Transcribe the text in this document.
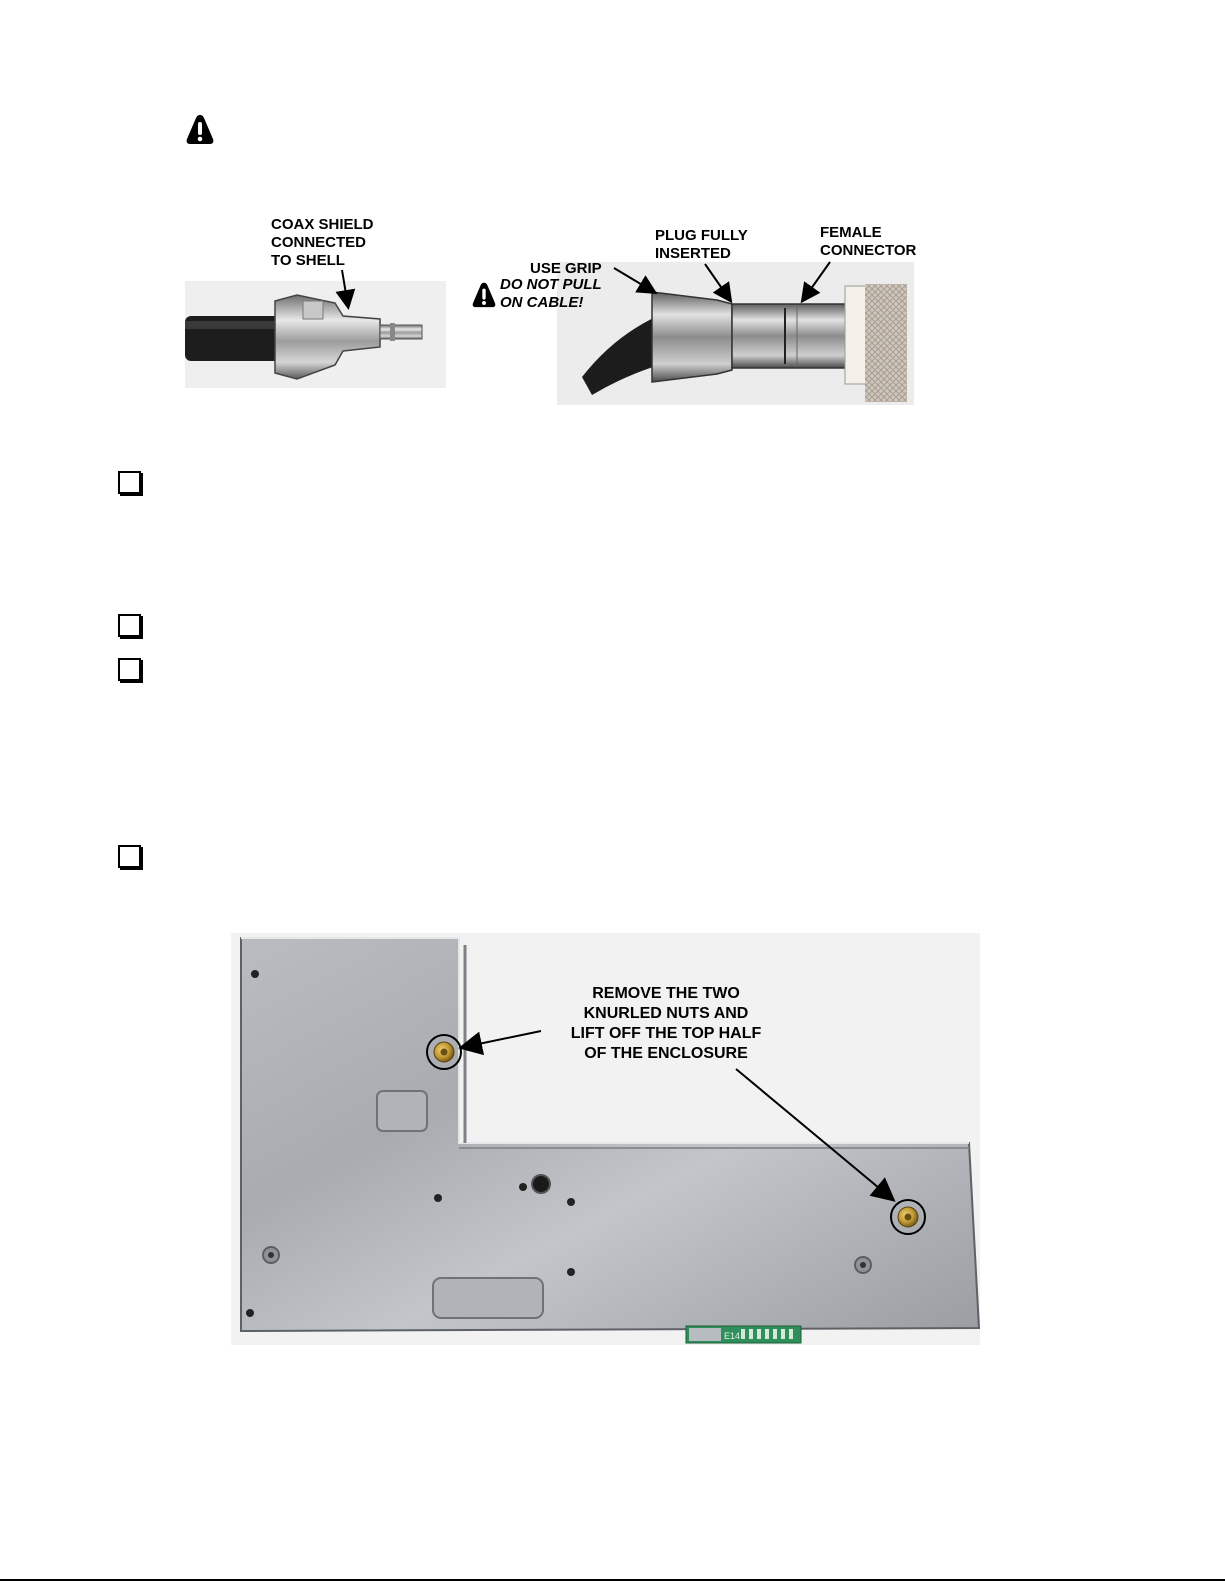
COAX SHIELD
CONNECTED
TO SHELL	USE GRIP
DO NOT PULL
ON CABLE!
PLUG FULLY
INSERTED
FEMALE
CONNECTOR
E14
REMOVE THE TWO
KNURLED NUTS AND
LIFT OFF THE TOP HALF
OF THE ENCLOSURE
